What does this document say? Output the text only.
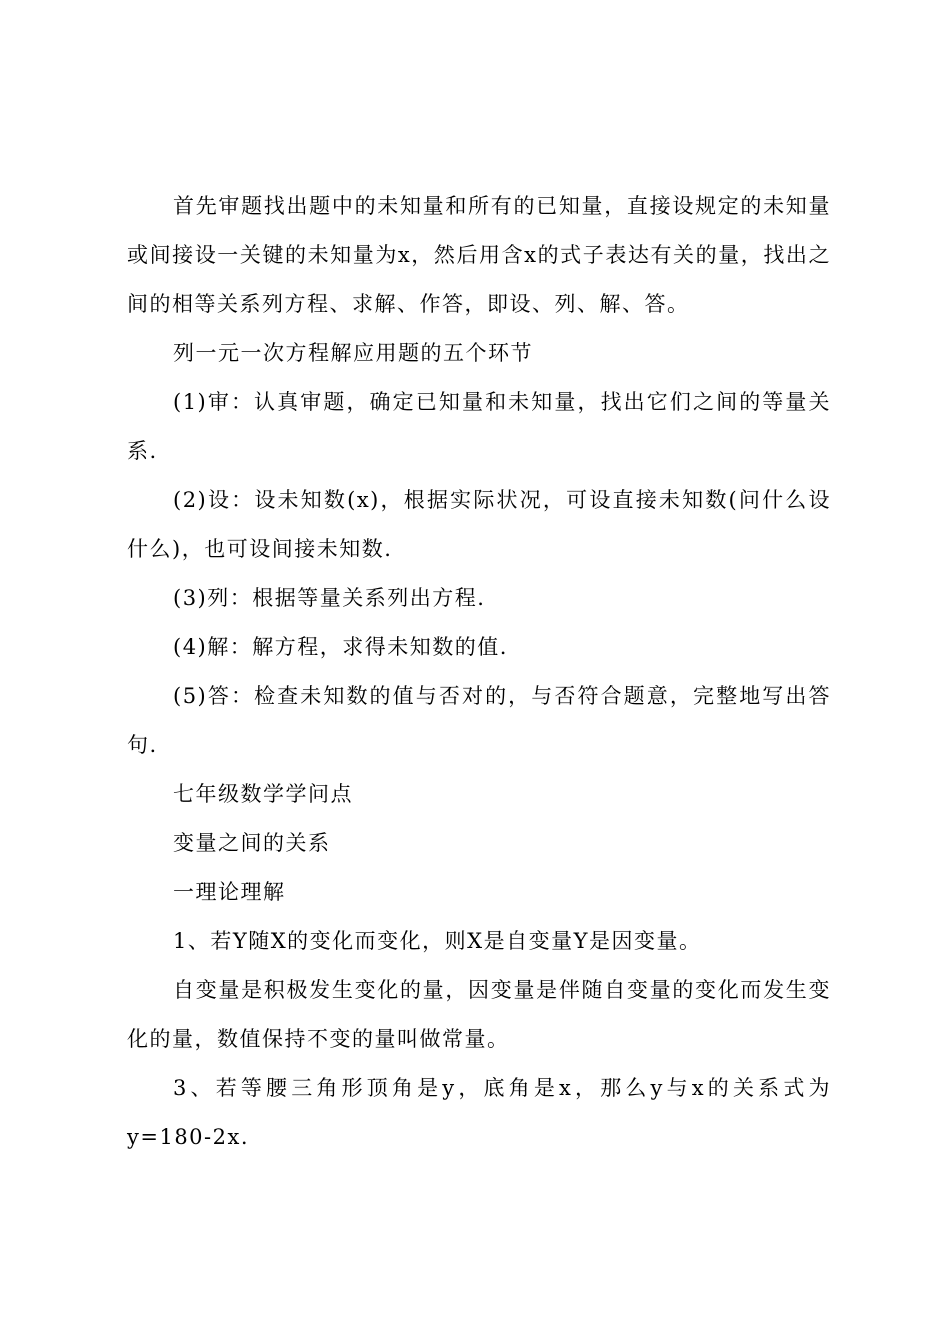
首先审题找出题中的未知量和所有的已知量，直接设规定的未知量或间接设一关键的未知量为x，然后用含x的式子表达有关的量，找出之间的相等关系列方程、求解、作答，即设、列、解、答。

列一元一次方程解应用题的五个环节

(1)审：认真审题，确定已知量和未知量，找出它们之间的等量关系.

(2)设：设未知数(x)，根据实际状况，可设直接未知数(问什么设什么)，也可设间接未知数.

(3)列：根据等量关系列出方程.

(4)解：解方程，求得未知数的值.

(5)答：检查未知数的值与否对的，与否符合题意，完整地写出答句.

七年级数学学问点

变量之间的关系

一理论理解

1、若Y随X的变化而变化，则X是自变量Y是因变量。

自变量是积极发生变化的量，因变量是伴随自变量的变化而发生变化的量，数值保持不变的量叫做常量。

3、若等腰三角形顶角是y，底角是x，那么y与x的关系式为y=180-2x.
